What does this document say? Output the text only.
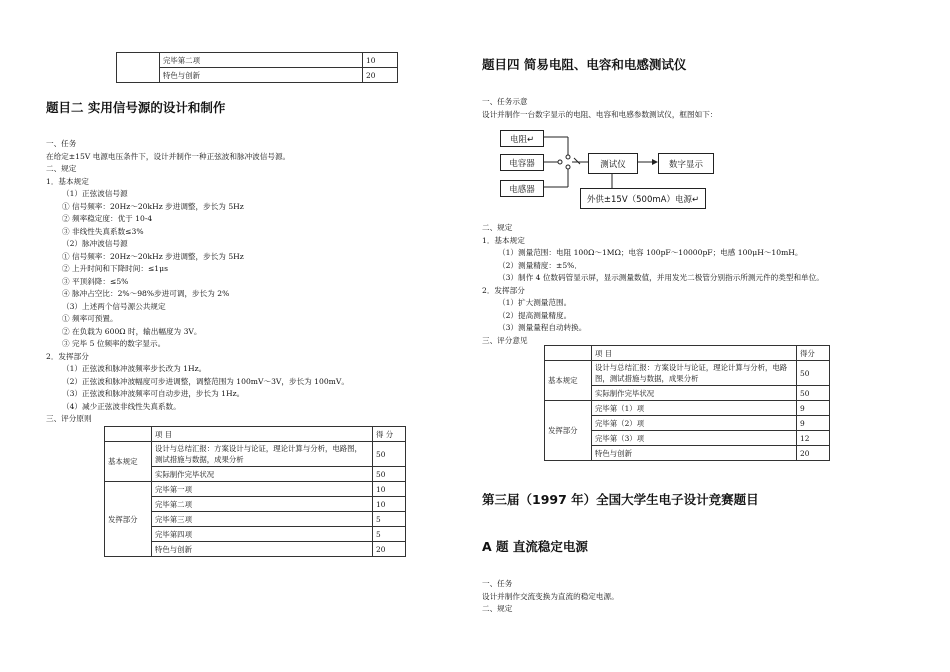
	完毕第二项	10
	特色与创新	20
题目二 实用信号源的设计和制作
一、任务
在给定±15V 电源电压条件下，设计并制作一种正弦波和脉冲波信号源。
二、规定
1．基本规定
（1）正弦波信号源
① 信号频率：20Hz～20kHz 步进调整，步长为 5Hz
② 频率稳定度：优于 10-4
③ 非线性失真系数≤3%
（2）脉冲波信号源
① 信号频率：20Hz～20kHz 步进调整，步长为 5Hz
② 上升时间和下降时间：≤1μs
③ 平顶斜降：≤5%
④ 脉冲占空比：2%～98%步进可调，步长为 2%
（3）上述两个信号源公共规定
① 频率可预置。
② 在负载为 600Ω 时，输出幅度为 3V。
③ 完毕 5 位频率的数字显示。
2．发挥部分
（1）正弦波和脉冲波频率步长改为 1Hz。
（2）正弦波和脉冲波幅度可步进调整，调整范围为 100mV～3V，步长为 100mV。
（3）正弦波和脉冲波频率可自动步进，步长为 1Hz。
（4）减少正弦波非线性失真系数。
三、评分原则
	项 目	得 分
基本规定	设计与总结汇报：方案设计与论证，理论计算与分析，电路图，测试措施与数据，成果分析	50
	实际制作完毕状况	50
发挥部分	完毕第一项	10
	完毕第二项	10
	完毕第三项	5
	完毕第四项	5
	特色与创新	20
题目四 简易电阻、电容和电感测试仪
一、任务示意
设计并制作一台数字显示的电阻、电容和电感参数测试仪，框图如下：
电阻↵
电容器
电感器
测试仪	数字显示
外供±15V（500mA）电源↵
二、规定
1．基本规定
（1）测量范围：电阻 100Ω～1MΩ；电容 100pF～10000pF；电感 100μH～10mH。
（2）测量精度：±5%．
（3）制作 4 位数码管显示屏，显示测量数值，并用发光二极管分别指示所测元件的类型和单位。
2．发挥部分
（1）扩大测量范围。
（2）提高测量精度。
（3）测量量程自动转换。
三、评分意见
	项 目	得分
基本规定	设计与总结汇报：方案设计与论证，理论计算与分析，电路图，测试措施与数据，成果分析	50
	实际制作完毕状况	50
发挥部分	完毕第（1）项	9
	完毕第（2）项	9
	完毕第（3）项	12
	特色与创新	20
第三届（1997 年）全国大学生电子设计竞赛题目
A 题 直流稳定电源
一、任务
设计并制作交流变换为直流的稳定电源。
二、规定
